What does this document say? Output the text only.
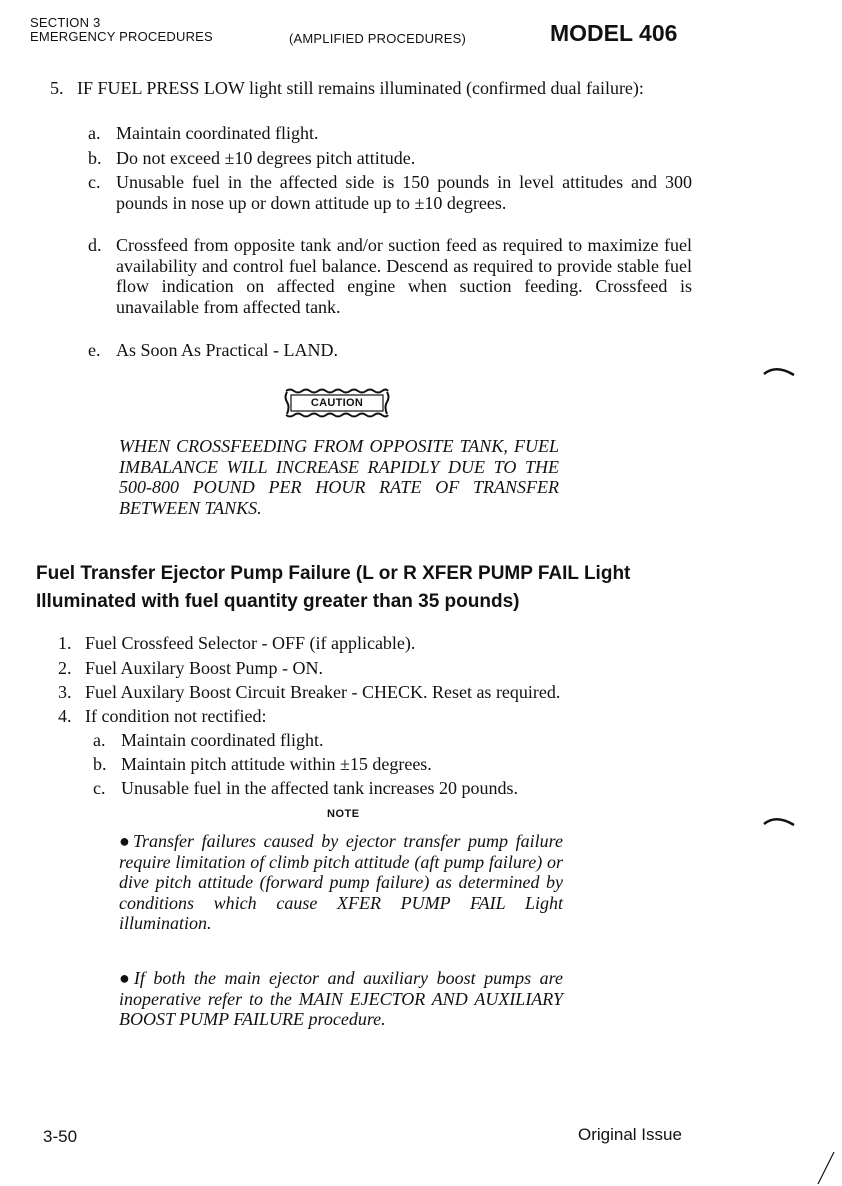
SECTION 3
EMERGENCY PROCEDURES	(AMPLIFIED PROCEDURES)	MODEL 406
5. IF FUEL PRESS LOW light still remains illuminated (confirmed dual failure):
a. Maintain coordinated flight.
b. Do not exceed ±10 degrees pitch attitude.
c. Unusable fuel in the affected side is 150 pounds in level attitudes and 300 pounds in nose up or down attitude up to ±10 degrees.
d. Crossfeed from opposite tank and/or suction feed as required to maximize fuel availability and control fuel balance. Descend as required to provide stable fuel flow indication on affected engine when suction feeding. Crossfeed is unavailable from affected tank.
e. As Soon As Practical - LAND.
CAUTION
WHEN CROSSFEEDING FROM OPPOSITE TANK, FUEL IMBALANCE WILL INCREASE RAPIDLY DUE TO THE 500-800 POUND PER HOUR RATE OF TRANSFER BETWEEN TANKS.
Fuel Transfer Ejector Pump Failure (L or R XFER PUMP FAIL Light Illuminated with fuel quantity greater than 35 pounds)
1. Fuel Crossfeed Selector - OFF (if applicable).
2. Fuel Auxilary Boost Pump - ON.
3. Fuel Auxilary Boost Circuit Breaker - CHECK. Reset as required.
4. If condition not rectified:
a. Maintain coordinated flight.
b. Maintain pitch attitude within ±15 degrees.
c. Unusable fuel in the affected tank increases 20 pounds.
NOTE
●Transfer failures caused by ejector transfer pump failure require limitation of climb pitch attitude (aft pump failure) or dive pitch attitude (forward pump failure) as determined by conditions which cause XFER PUMP FAIL Light illumination.
●If both the main ejector and auxiliary boost pumps are inoperative refer to the MAIN EJECTOR AND AUXILIARY BOOST PUMP FAILURE procedure.
3-50	Original Issue
